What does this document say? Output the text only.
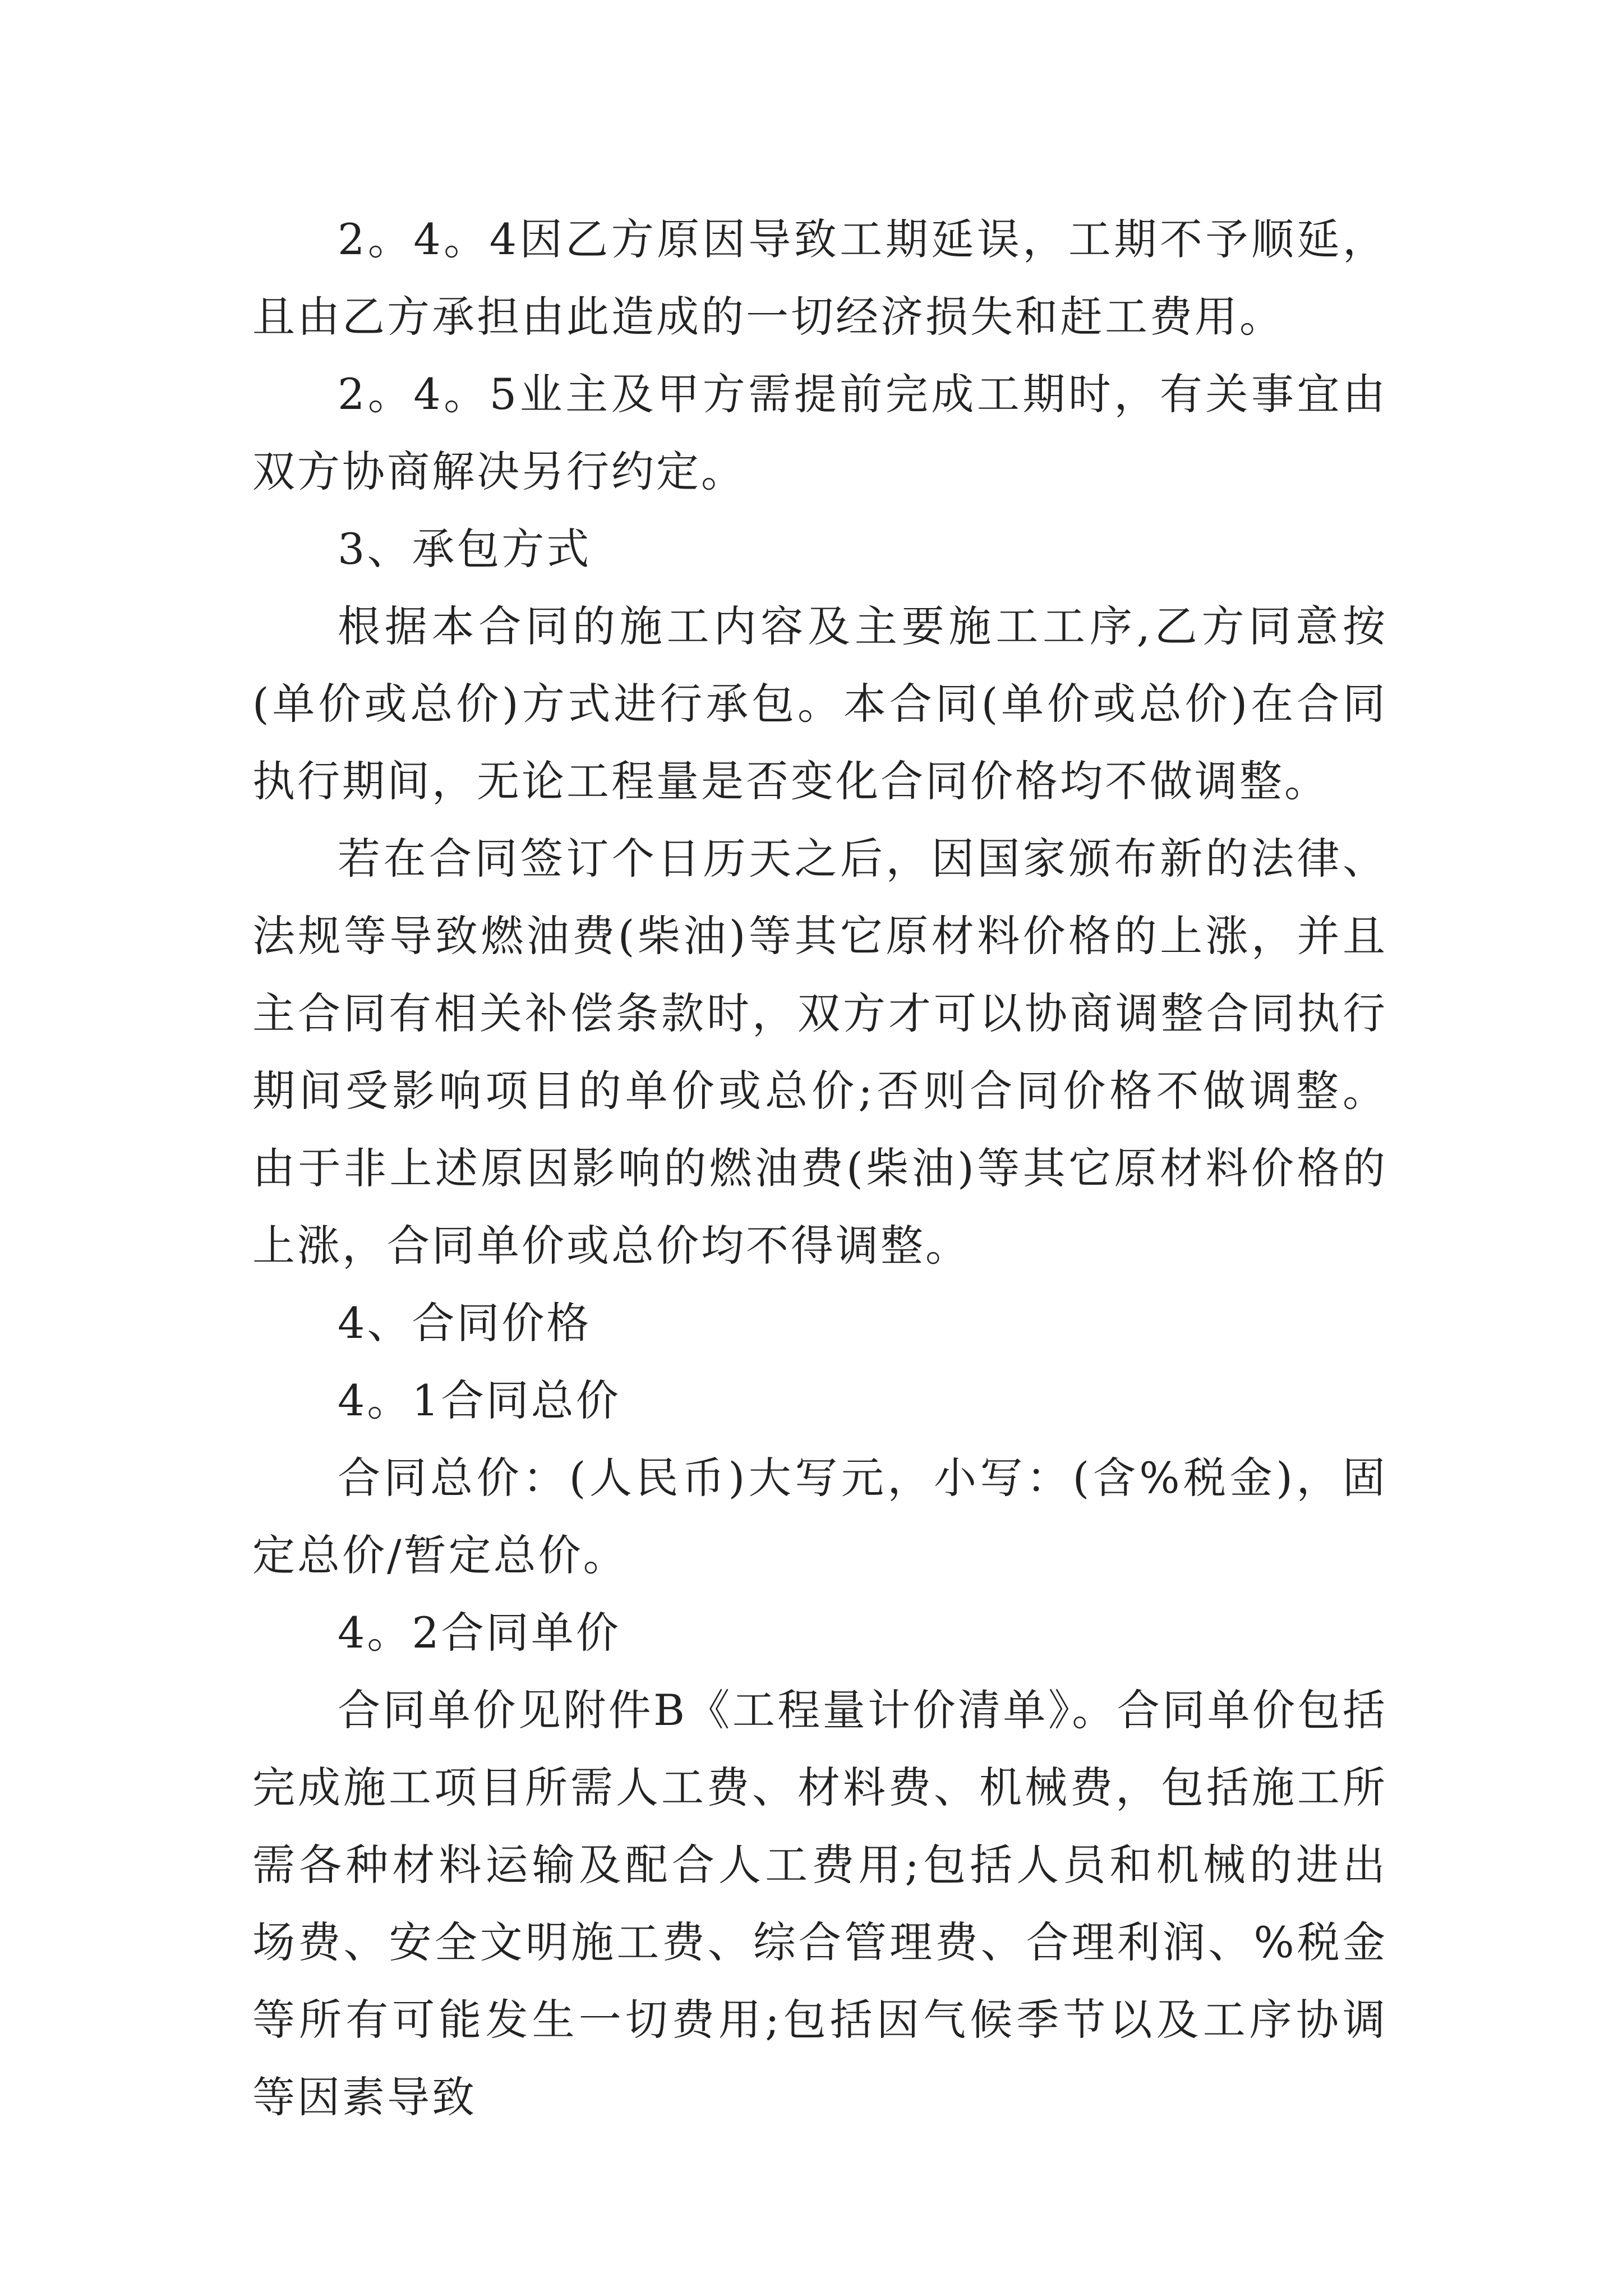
2。4。4因乙方原因导致工期延误，工期不予顺延，且由乙方承担由此造成的一切经济损失和赶工费用。

2。4。5业主及甲方需提前完成工期时，有关事宜由双方协商解决另行约定。

3、承包方式

根据本合同的施工内容及主要施工工序,乙方同意按(单价或总价)方式进行承包。本合同(单价或总价)在合同执行期间，无论工程量是否变化合同价格均不做调整。

若在合同签订个日历天之后，因国家颁布新的法律、法规等导致燃油费(柴油)等其它原材料价格的上涨，并且主合同有相关补偿条款时，双方才可以协商调整合同执行期间受影响项目的单价或总价;否则合同价格不做调整。由于非上述原因影响的燃油费(柴油)等其它原材料价格的上涨，合同单价或总价均不得调整。

4、合同价格

4。1合同总价

合同总价：(人民币)大写元，小写：(含%税金)，固定总价/暂定总价。

4。2合同单价

合同单价见附件B《工程量计价清单》。合同单价包括完成施工项目所需人工费、材料费、机械费，包括施工所需各种材料运输及配合人工费用;包括人员和机械的进出场费、安全文明施工费、综合管理费、合理利润、%税金等所有可能发生一切费用;包括因气候季节以及工序协调等因素导致
